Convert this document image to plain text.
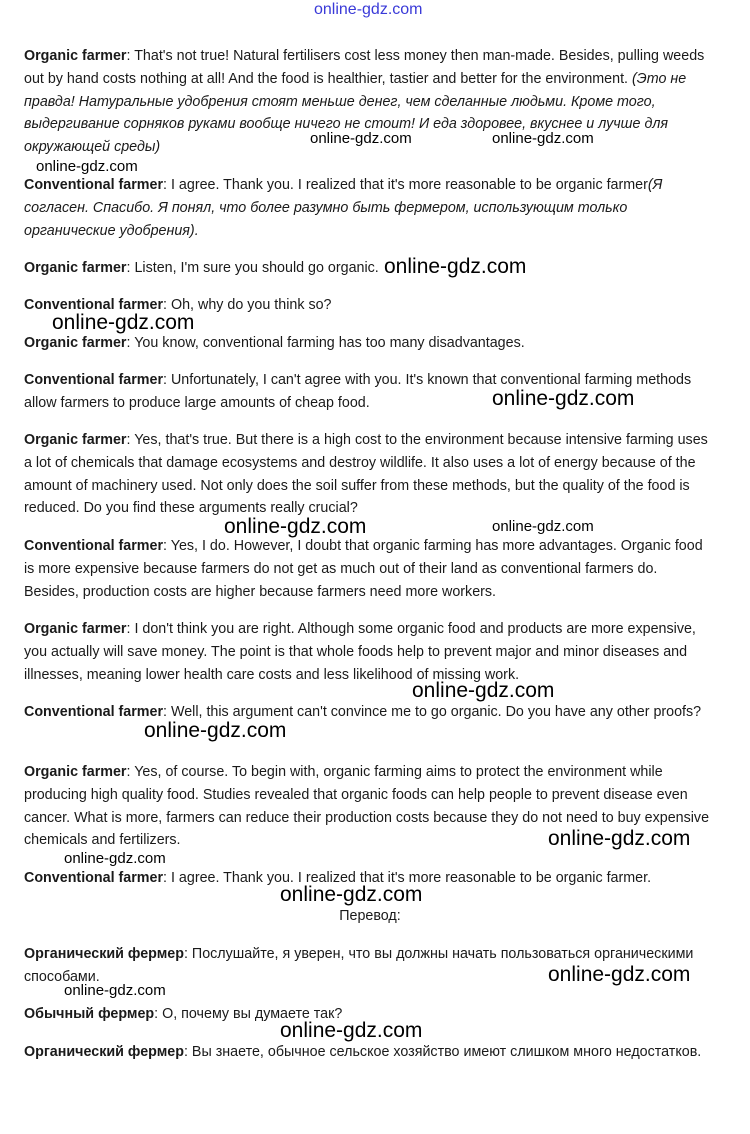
online-gdz.com

Organic farmer: That's not true! Natural fertilisers cost less money then man-made. Besides, pulling weeds out by hand costs nothing at all! And the food is healthier, tastier and better for the environment. (Это не правда! Натуральные удобрения стоят меньше денег, чем сделанные людьми. Кроме того, выдергивание сорняков руками вообще ничего не стоит! И еда здоровее, вкуснее и лучше для окружающей среды)

Conventional farmer: I agree. Thank you. I realized that it's more reasonable to be organic farmer(Я согласен. Спасибо. Я понял, что более разумно быть фермером, использующим только органические удобрения).

Organic farmer: Listen, I'm sure you should go organic.

Conventional farmer: Oh, why do you think so?

Organic farmer: You know, conventional farming has too many disadvantages.

Conventional farmer: Unfortunately, I can't agree with you. It's known that conventional farming methods allow farmers to produce large amounts of cheap food.

Organic farmer: Yes, that's true. But there is a high cost to the environment because intensive farming uses a lot of chemicals that damage ecosystems and destroy wildlife. It also uses a lot of energy because of the amount of machinery used. Not only does the soil suffer from these methods, but the quality of the food is reduced. Do you find these arguments really crucial?

Conventional farmer: Yes, I do. However, I doubt that organic farming has more advantages. Organic food is more expensive because farmers do not get as much out of their land as conventional farmers do. Besides, production costs are higher because farmers need more workers.

Organic farmer: I don't think you are right. Although some organic food and products are more expensive, you actually will save money. The point is that whole foods help to prevent major and minor diseases and illnesses, meaning lower health care costs and less likelihood of missing work.

Conventional farmer: Well, this argument can't convince me to go organic. Do you have any other proofs?

Organic farmer: Yes, of course. To begin with, organic farming aims to protect the environment while producing high quality food. Studies revealed that organic foods can help people to prevent disease even cancer. What is more, farmers can reduce their production costs because they do not need to buy expensive chemicals and fertilizers.

Conventional farmer: I agree. Thank you. I realized that it's more reasonable to be organic farmer.

Перевод:

Органический фермер: Послушайте, я уверен, что вы должны начать пользоваться органическими способами.

Обычный фермер: О, почему вы думаете так?

Органический фермер: Вы знаете, обычное сельское хозяйство имеют слишком много недостатков.

online-gdz.com	online-gdz.com
online-gdz.com
online-gdz.com
online-gdz.com
online-gdz.com
online-gdz.com	online-gdz.com
online-gdz.com
online-gdz.com
online-gdz.com
online-gdz.com
online-gdz.com
online-gdz.com
online-gdz.com
online-gdz.com
